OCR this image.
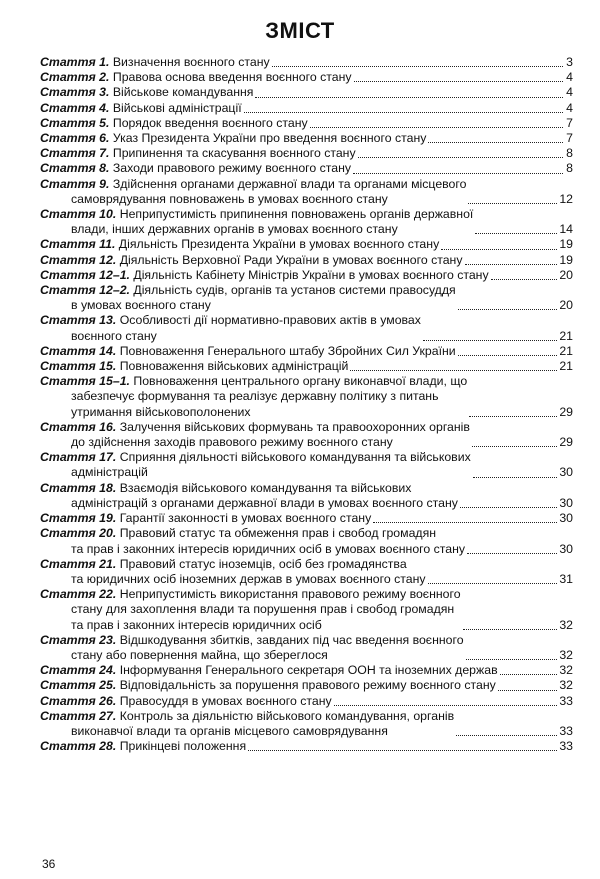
ЗМІСТ
Стаття 1. Визначення воєнного стану	3
Стаття 2. Правова основа введення воєнного стану	4
Стаття 3. Військове командування	4
Стаття 4. Військові адміністрації	4
Стаття 5. Порядок введення воєнного стану	7
Стаття 6. Указ Президента України про введення воєнного стану	7
Стаття 7. Припинення та скасування воєнного стану	8
Стаття 8. Заходи правового режиму воєнного стану	8
Стаття 9. Здійснення органами державної влади та органами місцевого
самоврядування повноважень в умовах воєнного стану	12
Стаття 10. Неприпустимість припинення повноважень органів державної
влади, інших державних органів в умовах воєнного стану	14
Стаття 11. Діяльність Президента України в умовах воєнного стану	19
Стаття 12. Діяльність Верховної Ради України в умовах воєнного стану	19
Стаття 12–1. Діяльність Кабінету Міністрів України в умовах воєнного стану	20
Стаття 12–2. Діяльність судів, органів та установ системи правосуддя
в умовах воєнного стану	20
Стаття 13. Особливості дії нормативно-правових актів в умовах
воєнного стану	21
Стаття 14. Повноваження Генерального штабу Збройних Сил України	21
Стаття 15. Повноваження військових адміністрацій	21
Стаття 15–1. Повноваження центрального органу виконавчої влади, що
забезпечує формування та реалізує державну політику з питань
утримання військовополонених	29
Стаття 16. Залучення військових формувань та правоохоронних органів
до здійснення заходів правового режиму воєнного стану	29
Стаття 17. Сприяння діяльності військового командування та військових
адміністрацій	30
Стаття 18. Взаємодія військового командування та військових
адміністрацій з органами державної влади в умовах воєнного стану	30
Стаття 19. Гарантії законності в умовах воєнного стану	30
Стаття 20. Правовий статус та обмеження прав і свобод громадян
та прав і законних інтересів юридичних осіб в умовах воєнного стану	30
Стаття 21. Правовий статус іноземців, осіб без громадянства
та юридичних осіб іноземних держав в умовах воєнного стану	31
Стаття 22. Неприпустимість використання правового режиму воєнного
стану для захоплення влади та порушення прав і свобод громадян
та прав і законних інтересів юридичних осіб	32
Стаття 23. Відшкодування збитків, завданих під час введення воєнного
стану або повернення майна, що збереглося	32
Стаття 24. Інформування Генерального секретаря ООН та іноземних держав	32
Стаття 25. Відповідальність за порушення правового режиму воєнного стану	32
Стаття 26. Правосуддя в умовах воєнного стану	33
Стаття 27. Контроль за діяльністю військового командування, органів
виконавчої влади та органів місцевого самоврядування	33
Стаття 28. Прикінцеві положення	33
36
